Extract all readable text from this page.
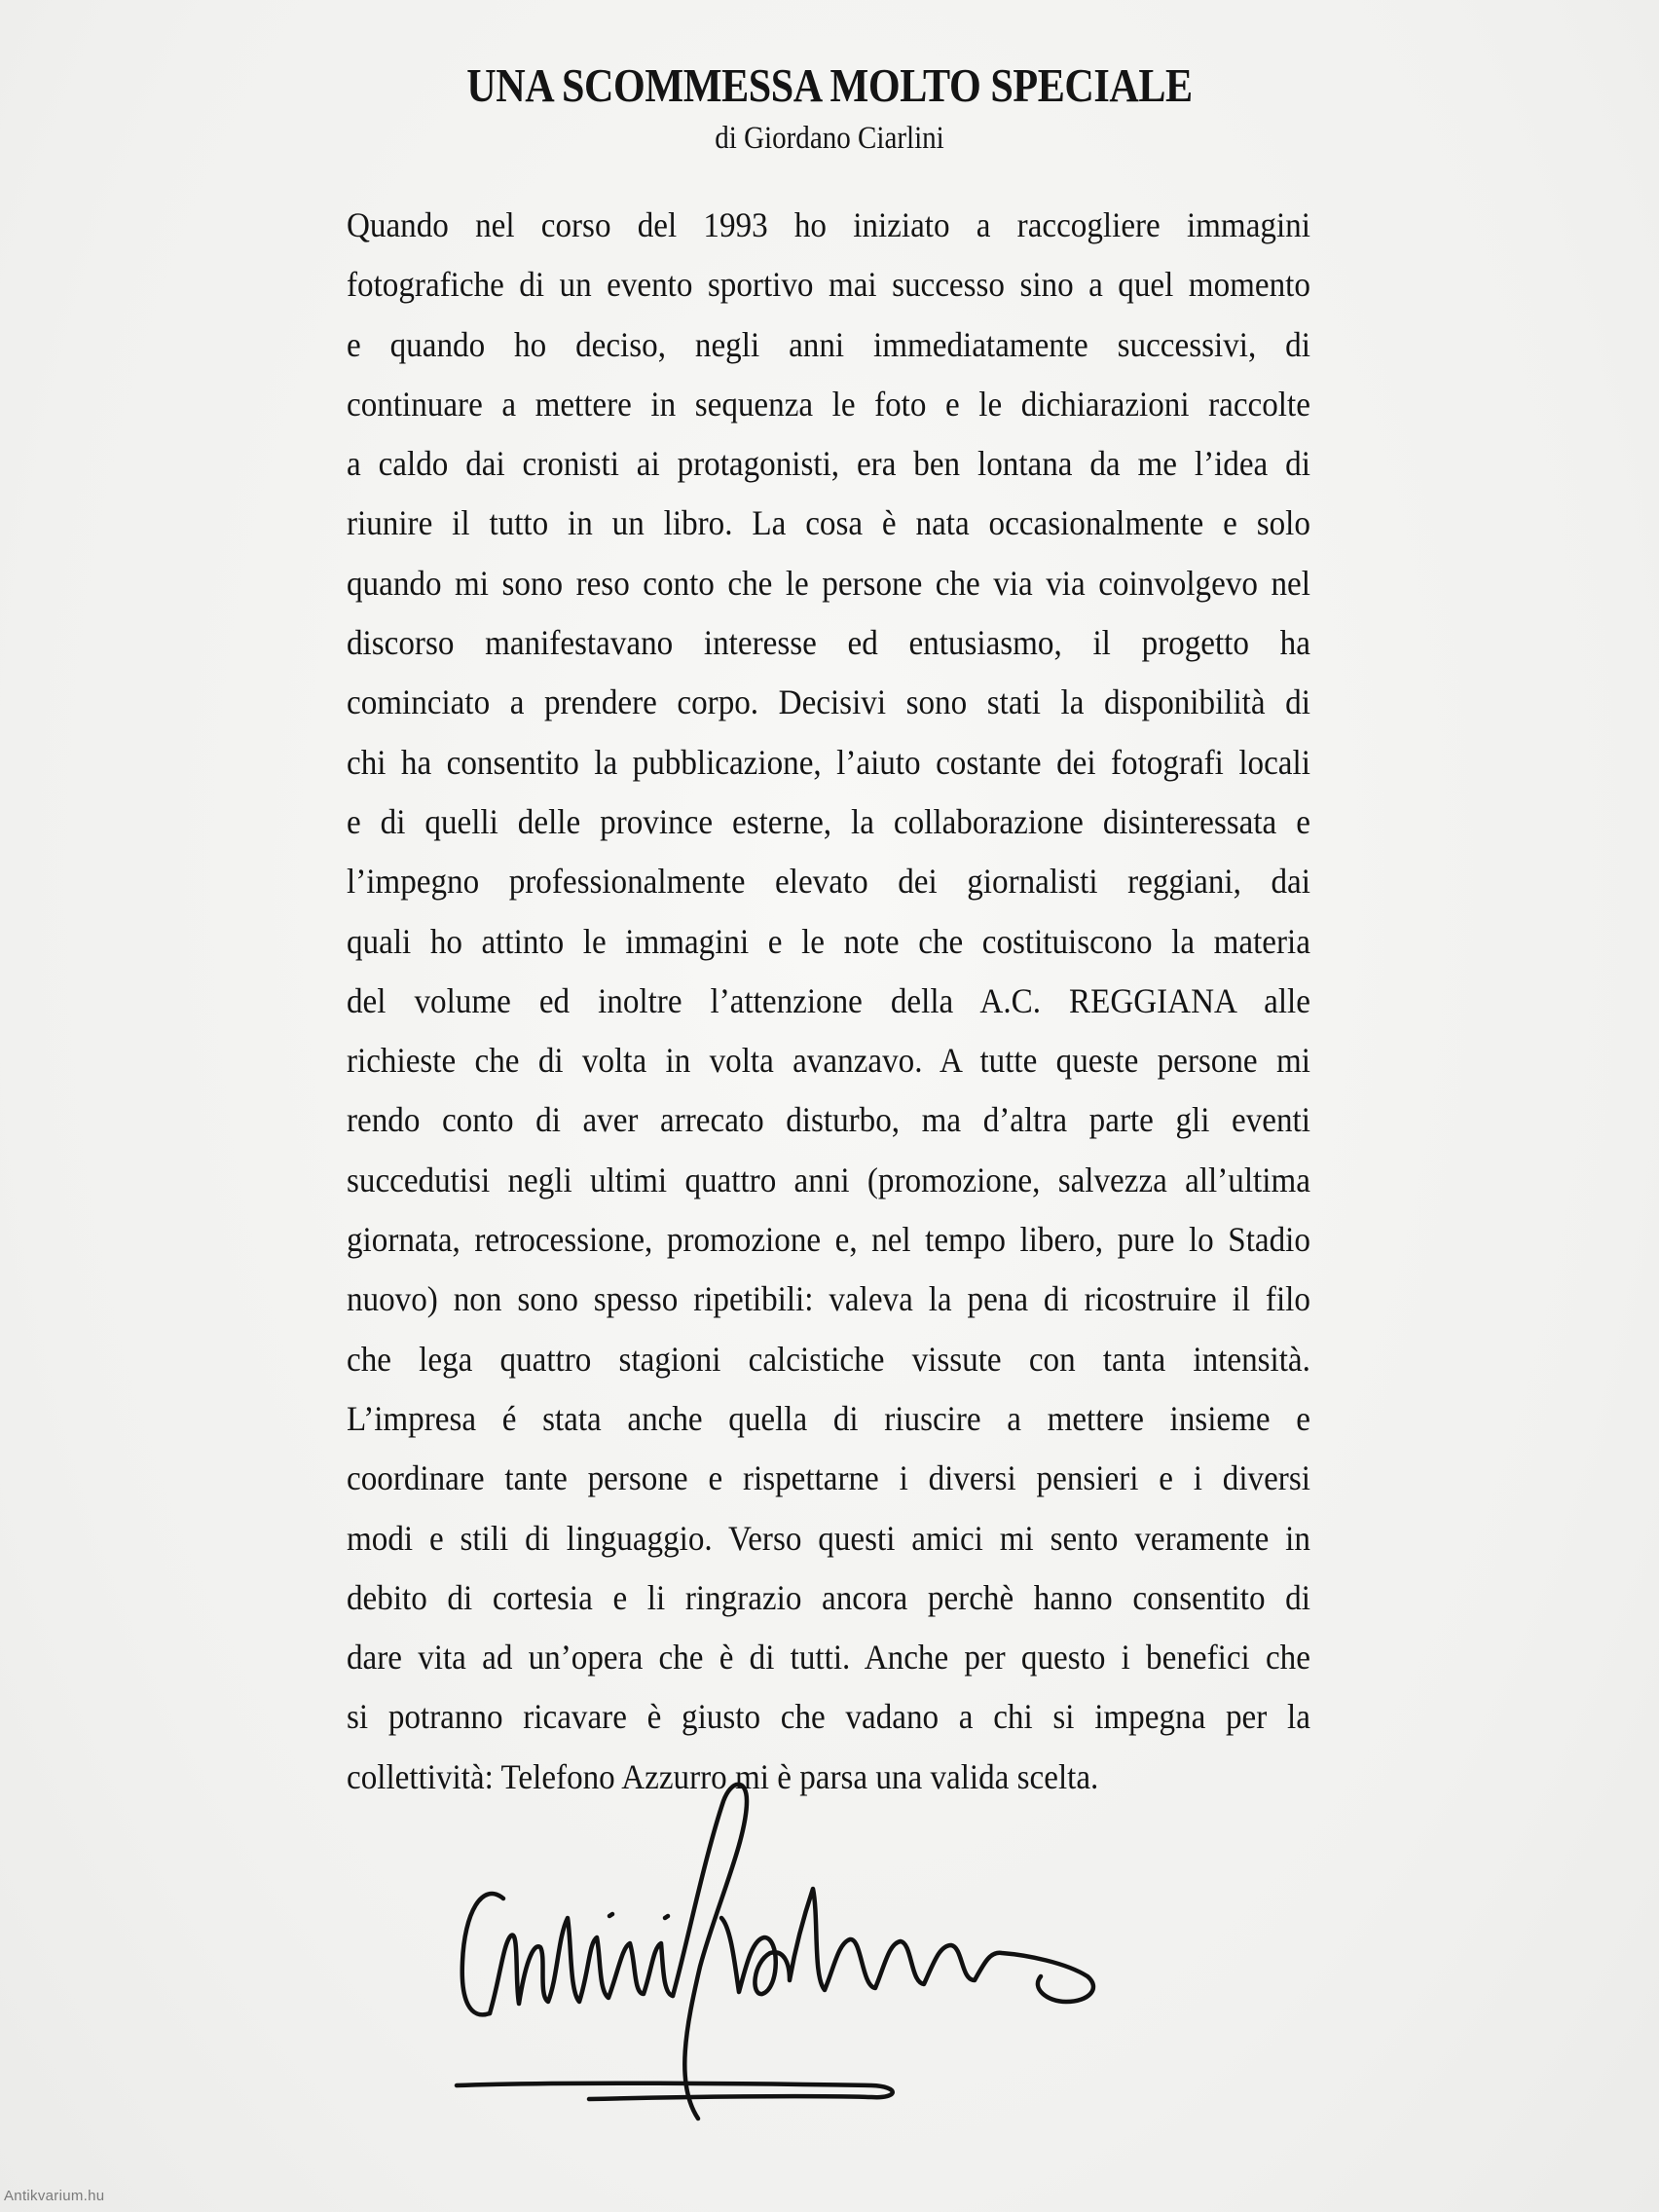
UNA SCOMMESSA MOLTO SPECIALE
di Giordano Ciarlini
Quando nel corso del 1993 ho iniziato a raccogliere immagini
fotografiche di un evento sportivo mai successo sino a quel momento
e quando ho deciso, negli anni immediatamente successivi, di
continuare a mettere in sequenza le foto e le dichiarazioni raccolte
a caldo dai cronisti ai protagonisti, era ben lontana da me l’idea di
riunire il tutto in un libro. La cosa è nata occasionalmente e solo
quando mi sono reso conto che le persone che via via coinvolgevo nel
discorso manifestavano interesse ed entusiasmo, il progetto ha
cominciato a prendere corpo. Decisivi sono stati la disponibilità di
chi ha consentito la pubblicazione, l’aiuto costante dei fotografi locali
e di quelli delle province esterne, la collaborazione disinteressata e
l’impegno professionalmente elevato dei giornalisti reggiani, dai
quali ho attinto le immagini e le note che costituiscono la materia
del volume ed inoltre l’attenzione della A.C. REGGIANA alle
richieste che di volta in volta avanzavo. A tutte queste persone mi
rendo conto di aver arrecato disturbo, ma d’altra parte gli eventi
succedutisi negli ultimi quattro anni (promozione, salvezza all’ultima
giornata, retrocessione, promozione e, nel tempo libero, pure lo Stadio
nuovo) non sono spesso ripetibili: valeva la pena di ricostruire il filo
che lega quattro stagioni calcistiche vissute con tanta intensità.
L’impresa é stata anche quella di riuscire a mettere insieme e
coordinare tante persone e rispettarne i diversi pensieri e i diversi
modi e stili di linguaggio. Verso questi amici mi sento veramente in
debito di cortesia e li ringrazio ancora perchè hanno consentito di
dare vita ad un’opera che è di tutti. Anche per questo i benefici che
si potranno ricavare è giusto che vadano a chi si impegna per la
collettività: Telefono Azzurro mi è parsa una valida scelta.
Antikvarium.hu
